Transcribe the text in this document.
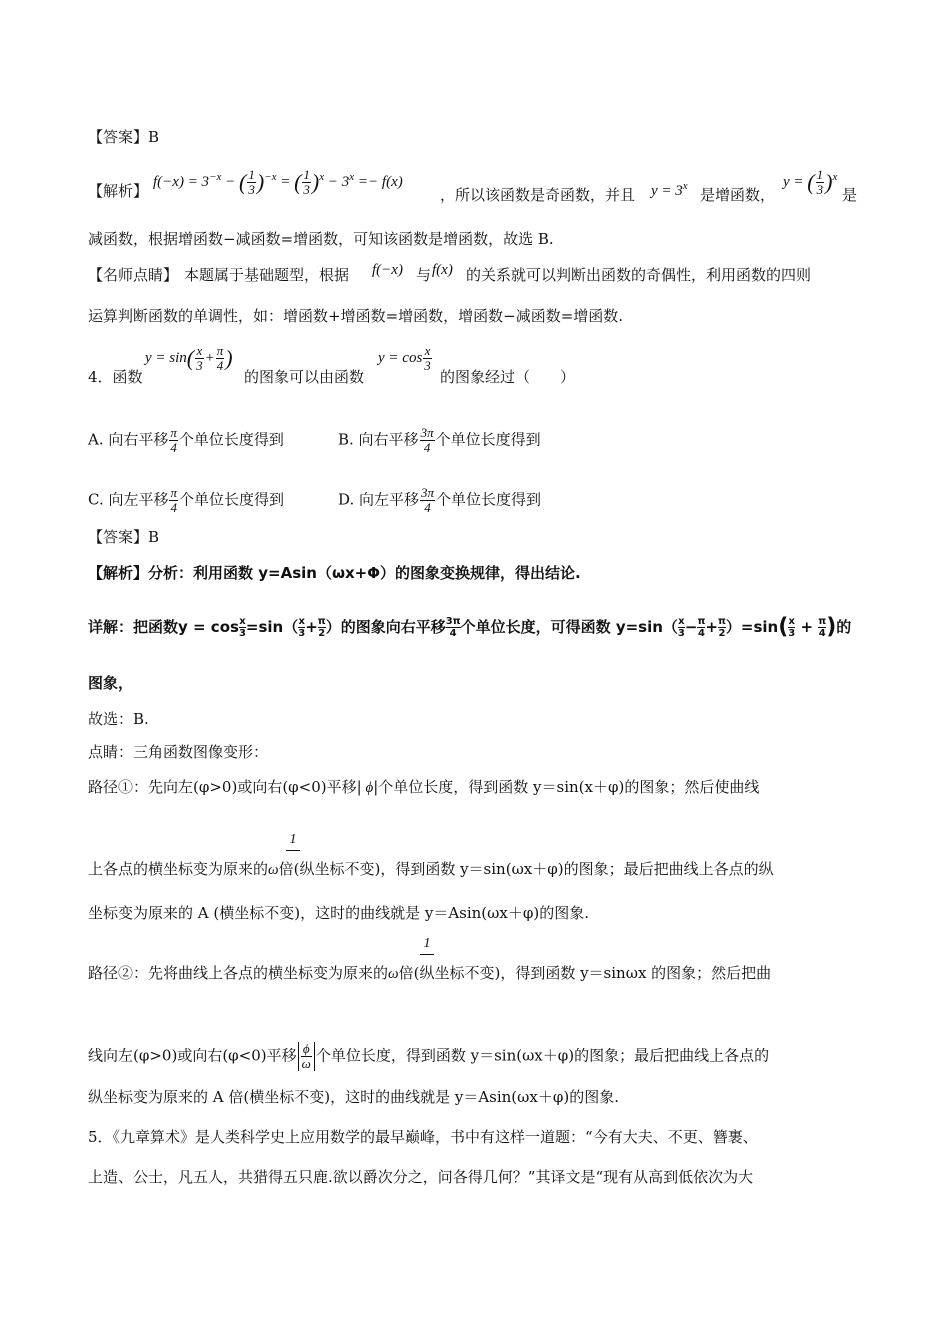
【答案】B
【解析】
$f(-x) = 3^{-x}$ − ( $\frac{1}{3} )^{-x}$ = ( $\frac{1}{3} )^x - 3^x =- f(x)$
，所以该函数是奇函数，并且 $y = 3^x$ 是增函数，
y = ( $\frac{1}{3} )^x$
是
减函数，根据增函数−减函数=增函数，可知该函数是增函数，故选 B.
【名师点睛】 本题属于基础题型，根据 f(−x) 与 f(x) 的关系就可以判断出函数的奇偶性，利用函数的四则
运算判断函数的单调性，如：增函数+增函数=增函数，增函数−减函数=增函数.
4．函数
$y = \sin( \frac{x}{3} + \frac{\pi}{4}$ )
的图象可以由函数
$y = \cos \frac{x}{3}$
的图象经过（　　）
A. 向右平移 $\frac{\pi}{4}$ 个单位长度得到	B. 向右平移 $\frac{3\pi}{4}$ 个单位长度得到
C. 向左平移 $\frac{\pi}{4}$ 个单位长度得到	D. 向左平移 $\frac{3\pi}{4}$ 个单位长度得到
【答案】B
【解析】分析：利用函数 y=Asin（ωx+Φ）的图象变换规律，得出结论.
详解：把函数$y = \cos \frac{x}{3} =\sin( \frac{x}{3} + \frac{\pi}{2}$ ）的图象向右平移 $\frac{3\pi}{4}$ 个单位长度，可得函数 $y=\sin( \frac{x}{3} - \frac{\pi}{4} + \frac{\pi}{2} )=\sin( \frac{x}{3} + \frac{\pi}{4}$ )的
图象，
故选：B.
点睛：三角函数图像变形：
路径①：先向左(φ>0)或向右(φ<0)平移| ϕ|个单位长度，得到函数 y＝sin(x＋φ)的图象；然后使曲线
1
上各点的横坐标变为原来的ω倍(纵坐标不变)，得到函数 y＝sin(ωx＋φ)的图象；最后把曲线上各点的纵
坐标变为原来的 A (横坐标不变)，这时的曲线就是 y＝Asin(ωx＋φ)的图象.
1
路径②：先将曲线上各点的横坐标变为原来的ω倍(纵坐标不变)，得到函数 y＝sinωx 的图象；然后把曲
线向左(φ>0)或向右(φ<0)平移 $\frac{\phi}{\omega}$ 个单位长度，得到函数 y＝sin(ωx＋φ)的图象；最后把曲线上各点的
纵坐标变为原来的 A 倍(横坐标不变)，这时的曲线就是 y＝Asin(ωx＋φ)的图象.
5．《九章算术》是人类科学史上应用数学的最早巅峰，书中有这样一道题：“今有大夫、不更、簪裹、
上造、公士，凡五人，共猎得五只鹿.欲以爵次分之，问各得几何？”其译文是“现有从高到低依次为大
